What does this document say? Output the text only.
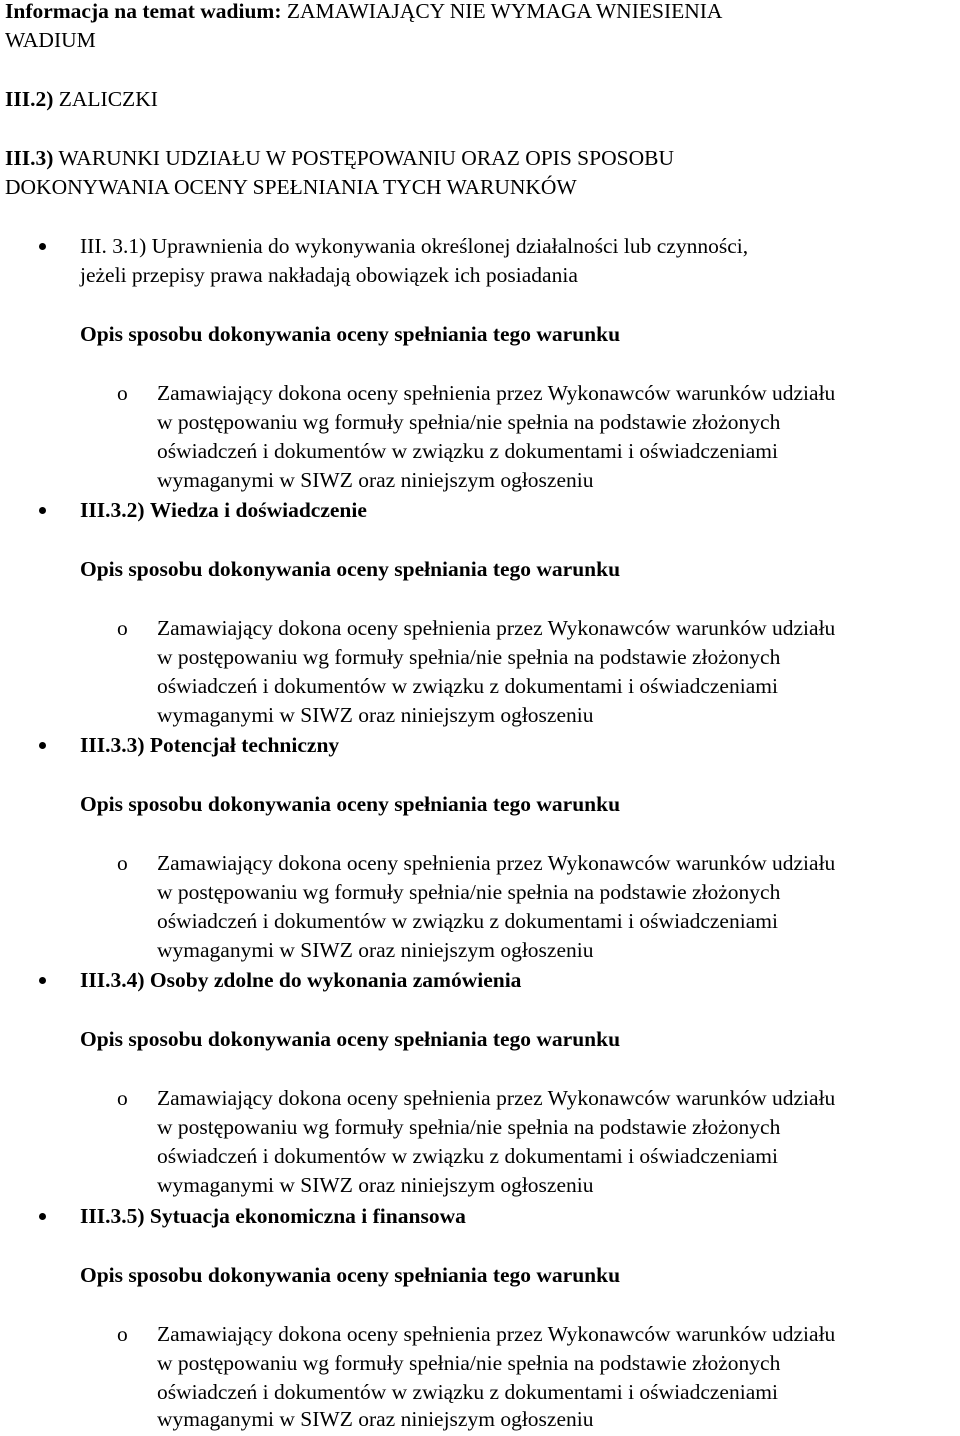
Informacja na temat wadium: ZAMAWIAJĄCY NIE WYMAGA WNIESIENIA
WADIUM
III.2) ZALICZKI
III.3) WARUNKI UDZIAŁU W POSTĘPOWANIU ORAZ OPIS SPOSOBU
DOKONYWANIA OCENY SPEŁNIANIA TYCH WARUNKÓW
III. 3.1) Uprawnienia do wykonywania określonej działalności lub czynności,
jeżeli przepisy prawa nakładają obowiązek ich posiadania
Opis sposobu dokonywania oceny spełniania tego warunku
o Zamawiający dokona oceny spełnienia przez Wykonawców warunków udziału
w postępowaniu wg formuły spełnia/nie spełnia na podstawie złożonych
oświadczeń i dokumentów w związku z dokumentami i oświadczeniami
wymaganymi w SIWZ oraz niniejszym ogłoszeniu
III.3.2) Wiedza i doświadczenie
Opis sposobu dokonywania oceny spełniania tego warunku
o Zamawiający dokona oceny spełnienia przez Wykonawców warunków udziału
w postępowaniu wg formuły spełnia/nie spełnia na podstawie złożonych
oświadczeń i dokumentów w związku z dokumentami i oświadczeniami
wymaganymi w SIWZ oraz niniejszym ogłoszeniu
III.3.3) Potencjał techniczny
Opis sposobu dokonywania oceny spełniania tego warunku
o Zamawiający dokona oceny spełnienia przez Wykonawców warunków udziału
w postępowaniu wg formuły spełnia/nie spełnia na podstawie złożonych
oświadczeń i dokumentów w związku z dokumentami i oświadczeniami
wymaganymi w SIWZ oraz niniejszym ogłoszeniu
III.3.4) Osoby zdolne do wykonania zamówienia
Opis sposobu dokonywania oceny spełniania tego warunku
o Zamawiający dokona oceny spełnienia przez Wykonawców warunków udziału
w postępowaniu wg formuły spełnia/nie spełnia na podstawie złożonych
oświadczeń i dokumentów w związku z dokumentami i oświadczeniami
wymaganymi w SIWZ oraz niniejszym ogłoszeniu
III.3.5) Sytuacja ekonomiczna i finansowa
Opis sposobu dokonywania oceny spełniania tego warunku
o Zamawiający dokona oceny spełnienia przez Wykonawców warunków udziału
w postępowaniu wg formuły spełnia/nie spełnia na podstawie złożonych
oświadczeń i dokumentów w związku z dokumentami i oświadczeniami
wymaganymi w SIWZ oraz niniejszym ogłoszeniu
